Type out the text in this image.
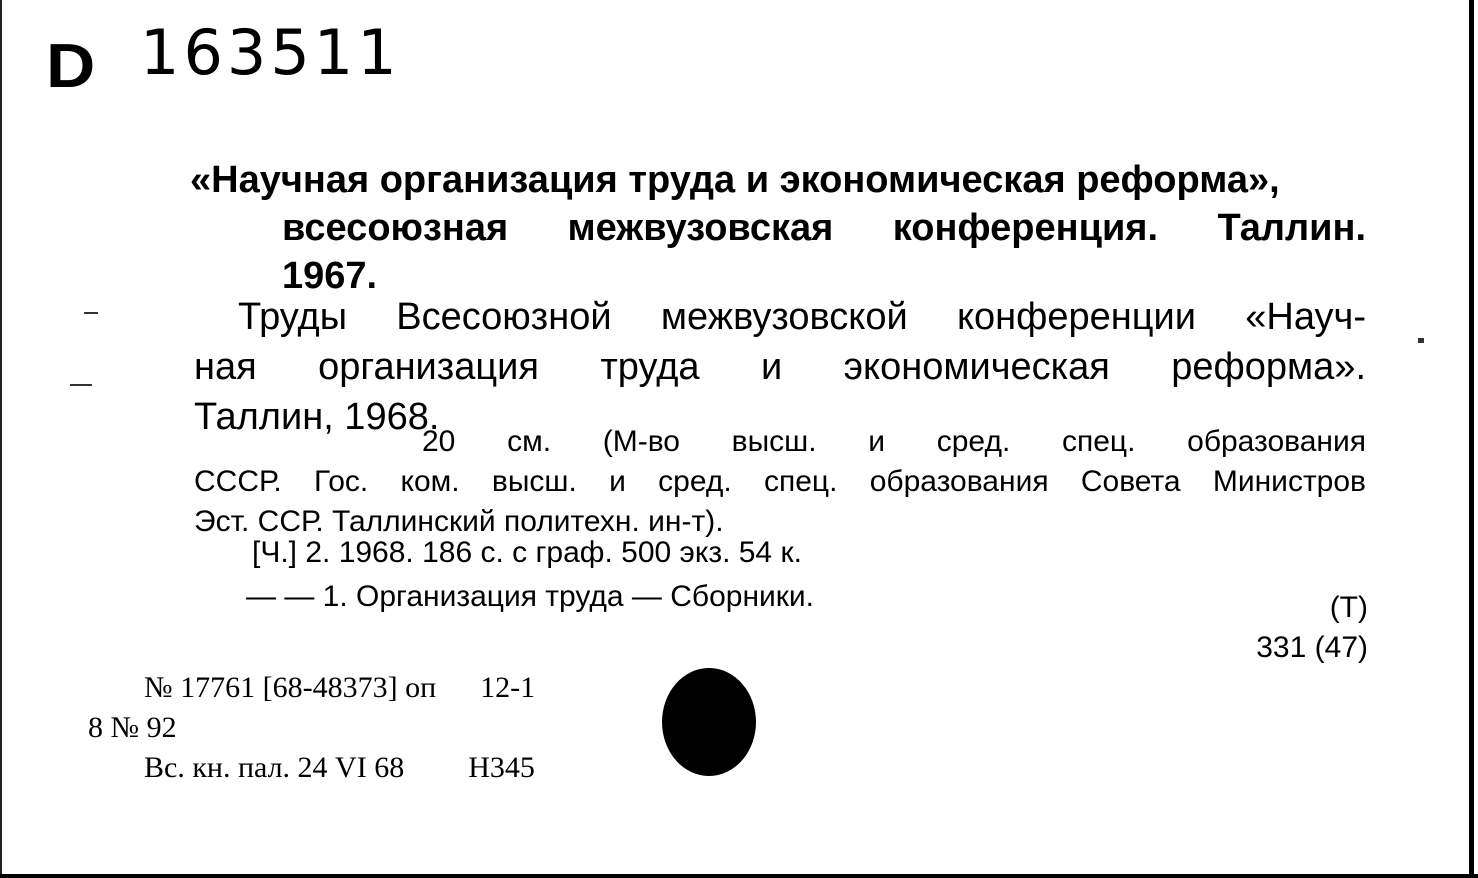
D 163511
«Научная организация труда и экономическая реформа»,
всесоюзная межвузовская конференция. Таллин.
1967.
Труды Всесоюзной межвузовской конференции «Науч-
ная организация труда и экономическая реформа».
Таллин, 1968.
20 см. (М-во высш. и сред. спец. образования
СССР. Гос. ком. высш. и сред. спец. образования Совета Министров
Эст. ССР. Таллинский политехн. ин-т).
[Ч.] 2. 1968. 186 с. с граф. 500 экз. 54 к.
— — 1. Организация труда — Сборники.	(Т)
331 (47)
№ 17761 [68-48373] оп 12-1
8 № 92
Вс. кн. пал. 24 VI 68 Н345
